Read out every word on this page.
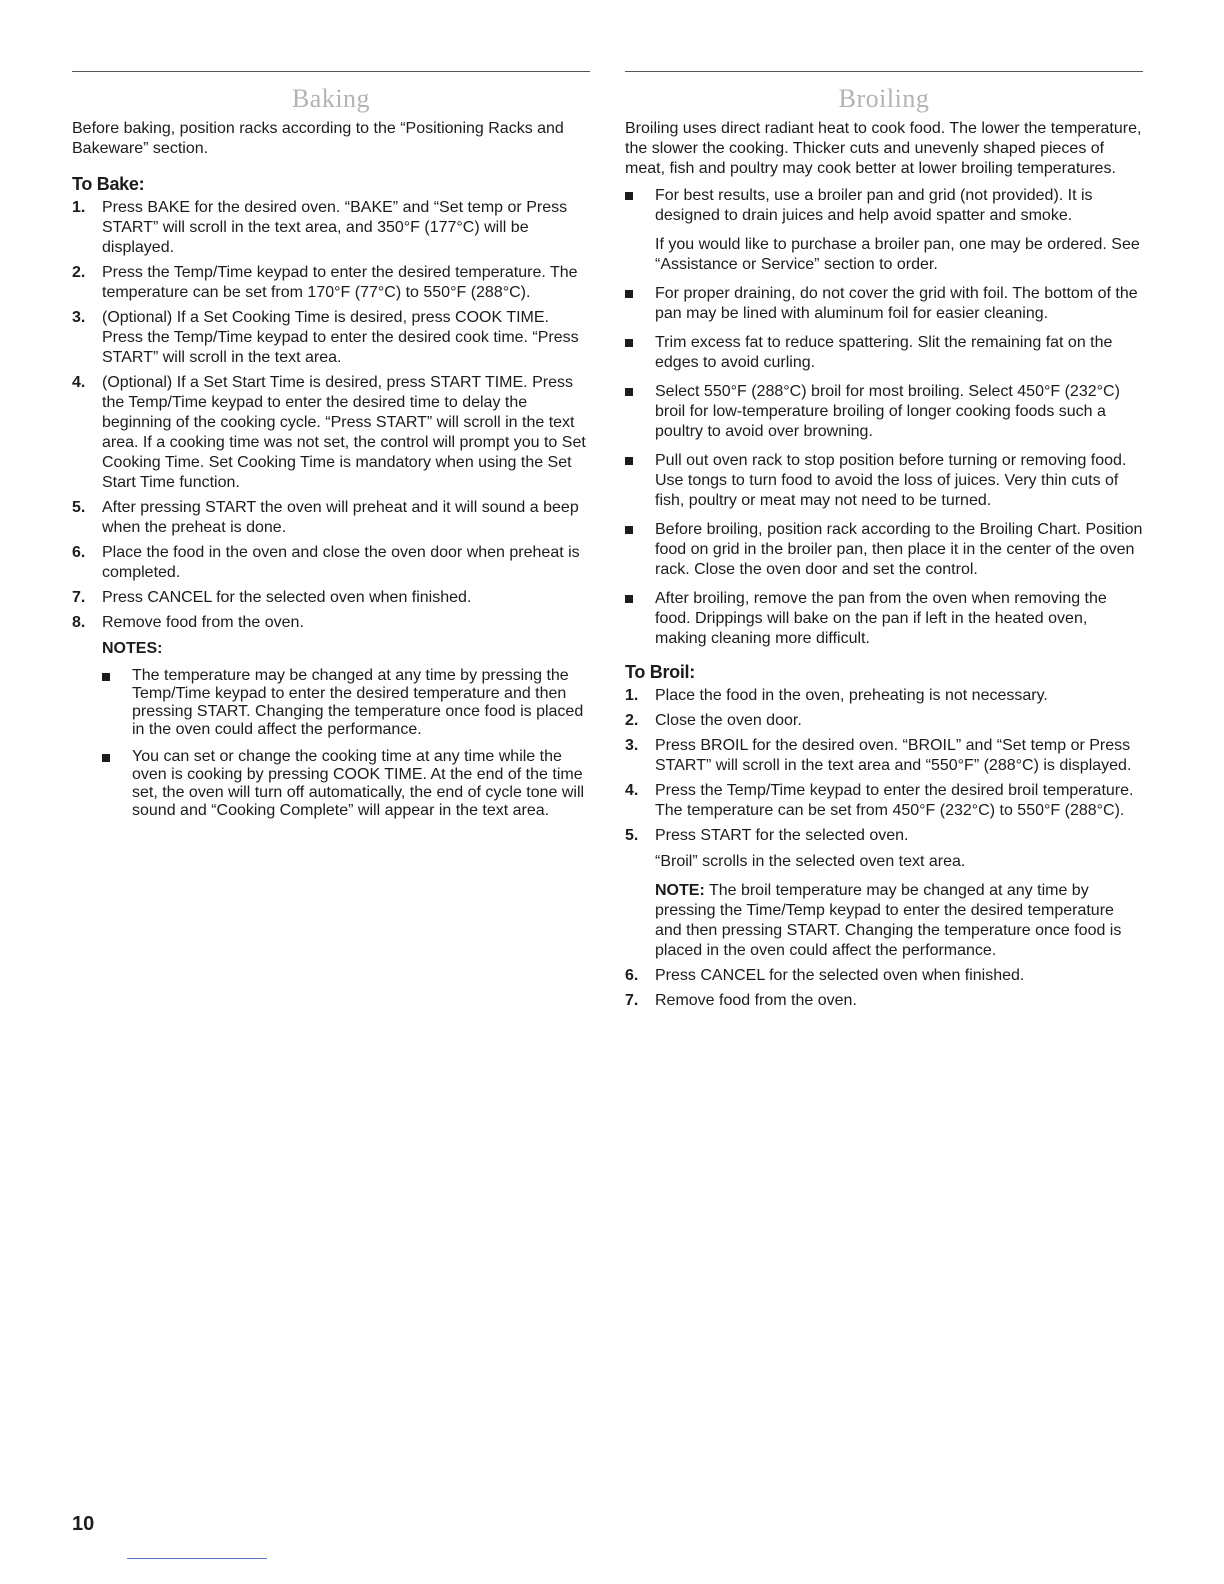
Baking

Before baking, position racks according to the “Positioning Racks and Bakeware” section.

To Bake:
1. Press BAKE for the desired oven. “BAKE” and “Set temp or Press START” will scroll in the text area, and 350°F (177°C) will be displayed.
2. Press the Temp/Time keypad to enter the desired temperature. The temperature can be set from 170°F (77°C) to 550°F (288°C).
3. (Optional) If a Set Cooking Time is desired, press COOK TIME. Press the Temp/Time keypad to enter the desired cook time. “Press START” will scroll in the text area.
4. (Optional) If a Set Start Time is desired, press START TIME. Press the Temp/Time keypad to enter the desired time to delay the beginning of the cooking cycle. “Press START” will scroll in the text area. If a cooking time was not set, the control will prompt you to Set Cooking Time. Set Cooking Time is mandatory when using the Set Start Time function.
5. After pressing START the oven will preheat and it will sound a beep when the preheat is done.
6. Place the food in the oven and close the oven door when preheat is completed.
7. Press CANCEL for the selected oven when finished.
8. Remove food from the oven.

NOTES:

The temperature may be changed at any time by pressing the Temp/Time keypad to enter the desired temperature and then pressing START. Changing the temperature once food is placed in the oven could affect the performance.
You can set or change the cooking time at any time while the oven is cooking by pressing COOK TIME. At the end of the time set, the oven will turn off automatically, the end of cycle tone will sound and “Cooking Complete” will appear in the text area.
Broiling

Broiling uses direct radiant heat to cook food. The lower the temperature, the slower the cooking. Thicker cuts and unevenly shaped pieces of meat, fish and poultry may cook better at lower broiling temperatures.

For best results, use a broiler pan and grid (not provided). It is designed to drain juices and help avoid spatter and smoke.

If you would like to purchase a broiler pan, one may be ordered. See “Assistance or Service” section to order.

For proper draining, do not cover the grid with foil. The bottom of the pan may be lined with aluminum foil for easier cleaning.
Trim excess fat to reduce spattering. Slit the remaining fat on the edges to avoid curling.
Select 550°F (288°C) broil for most broiling. Select 450°F (232°C) broil for low-temperature broiling of longer cooking foods such a poultry to avoid over browning.
Pull out oven rack to stop position before turning or removing food. Use tongs to turn food to avoid the loss of juices. Very thin cuts of fish, poultry or meat may not need to be turned.
Before broiling, position rack according to the Broiling Chart. Position food on grid in the broiler pan, then place it in the center of the oven rack. Close the oven door and set the control.
After broiling, remove the pan from the oven when removing the food. Drippings will bake on the pan if left in the heated oven, making cleaning more difficult.
To Broil:
1. Place the food in the oven, preheating is not necessary.
2. Close the oven door.
3. Press BROIL for the desired oven. “BROIL” and “Set temp or Press START” will scroll in the text area and “550°F” (288°C) is displayed.
4. Press the Temp/Time keypad to enter the desired broil temperature. The temperature can be set from 450°F (232°C) to 550°F (288°C).
5. Press START for the selected oven.

“Broil” scrolls in the selected oven text area.

NOTE: The broil temperature may be changed at any time by pressing the Time/Temp keypad to enter the desired temperature and then pressing START. Changing the temperature once food is placed in the oven could affect the performance.

6. Press CANCEL for the selected oven when finished.
7. Remove food from the oven.
10
